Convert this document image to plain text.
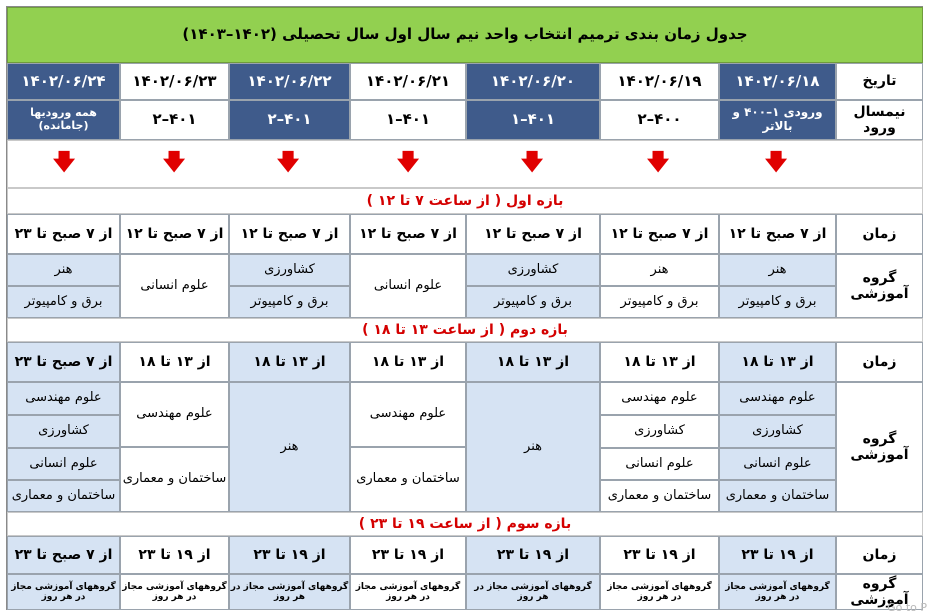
جدول زمان بندی ترمیم انتخاب واحد نیم سال اول سال تحصیلی (۱۴۰۲–۱۴۰۳)
تاریخ
۱۴۰۲/۰۶/۱۸
۱۴۰۲/۰۶/۱۹
۱۴۰۲/۰۶/۲۰
۱۴۰۲/۰۶/۲۱
۱۴۰۲/۰۶/۲۲
۱۴۰۲/۰۶/۲۳
۱۴۰۲/۰۶/۲۴
نیمسال ورود
ورودی ۱–۴۰۰ و بالاتر
۲–۴۰۰
۱–۴۰۱
۱–۴۰۱
۲–۴۰۱
۲–۴۰۱
همه ورودیها (جامانده)
🡇
🡇
🡇
🡇
🡇
🡇
🡇
بازه اول ( از ساعت ۷ تا ۱۲ )
زمان
از ۷ صبح تا ۱۲
از ۷ صبح تا ۱۲
از ۷ صبح تا ۱۲
از ۷ صبح تا ۱۲
از ۷ صبح تا ۱۲
از ۷ صبح تا ۱۲
از ۷ صبح تا ۲۳
گروه آموزشی
هنر
برق و کامپیوتر
هنر
برق و کامپیوتر
کشاورزی
برق و کامپیوتر
علوم انسانی
کشاورزی
برق و کامپیوتر
علوم انسانی
هنر
برق و کامپیوتر
بازه دوم ( از ساعت ۱۳ تا ۱۸ )
زمان
از ۱۳ تا ۱۸
از ۱۳ تا ۱۸
از ۱۳ تا ۱۸
از ۱۳ تا ۱۸
از ۱۳ تا ۱۸
از ۱۳ تا ۱۸
از ۷ صبح تا ۲۳
گروه آموزشی
علوم مهندسی
کشاورزی
علوم انسانی
ساختمان و معماری
علوم مهندسی
کشاورزی
علوم انسانی
ساختمان و معماری
هنر
علوم مهندسی
ساختمان و معماری
هنر
علوم مهندسی
ساختمان و معماری
علوم مهندسی
کشاورزی
علوم انسانی
ساختمان و معماری
بازه سوم ( از ساعت ۱۹ تا ۲۳ )
زمان
از ۱۹ تا ۲۳
از ۱۹ تا ۲۳
از ۱۹ تا ۲۳
از ۱۹ تا ۲۳
از ۱۹ تا ۲۳
از ۱۹ تا ۲۳
از ۷ صبح تا ۲۳
گروه آموزشی
گروههای آموزشی مجاز در هر روز
گروههای آموزشی مجاز در هر روز
گروههای آموزشی مجاز در هر روز
گروههای آموزشی مجاز در هر روز
گروههای آموزشی مجاز در هر روز
گروههای آموزشی مجاز در هر روز
گروههای آموزشی مجاز در هر روز
Go to P
